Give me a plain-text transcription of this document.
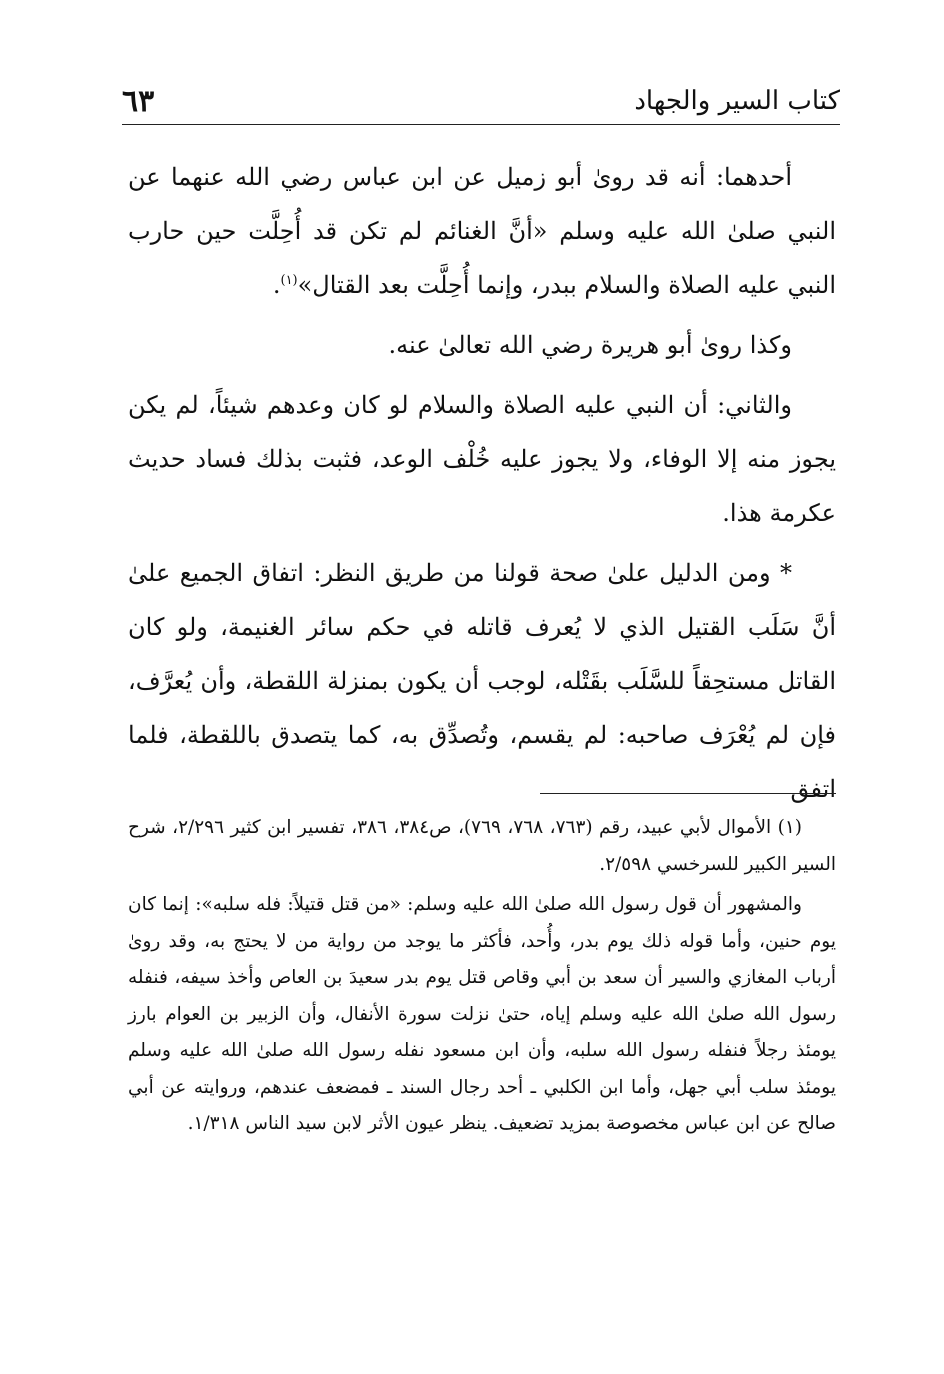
كتاب السير والجهاد
٦٣

أحدهما: أنه قد روىٰ أبو زميل عن ابن عباس رضي الله عنهما عن النبي صلىٰ الله عليه وسلم «أنَّ الغنائم لم تكن قد أُحِلَّت حين حارب النبي عليه الصلاة والسلام ببدر، وإنما أُحِلَّت بعد القتال»$^{(١)}$.

وكذا روىٰ أبو هريرة رضي الله تعالىٰ عنه.

والثاني: أن النبي عليه الصلاة والسلام لو كان وعدهم شيئاً، لم يكن يجوز منه إلا الوفاء، ولا يجوز عليه خُلْف الوعد، فثبت بذلك فساد حديث عكرمة هذا.

* ومن الدليل علىٰ صحة قولنا من طريق النظر: اتفاق الجميع علىٰ أنَّ سَلَب القتيل الذي لا يُعرف قاتله في حكم سائر الغنيمة، ولو كان القاتل مستحِقاً للسَّلَب بقَتْله، لوجب أن يكون بمنزلة اللقطة، وأن يُعرَّف، فإن لم يُعْرَف صاحبه: لم يقسم، وتُصدِّق به، كما يتصدق باللقطة، فلما اتفق

(١) الأموال لأبي عبيد، رقم (٧٦٣، ٧٦٨، ٧٦٩)، ص٣٨٤، ٣٨٦، تفسير ابن كثير ٢/٢٩٦، شرح السير الكبير للسرخسي ٢/٥٩٨.

والمشهور أن قول رسول الله صلىٰ الله عليه وسلم: «من قتل قتيلاً: فله سلبه»: إنما كان يوم حنين، وأما قوله ذلك يوم بدر، وأُحد، فأكثر ما يوجد من رواية من لا يحتج به، وقد روىٰ أرباب المغازي والسير أن سعد بن أبي وقاص قتل يوم بدر سعيدَ بن العاص وأخذ سيفه، فنفله رسول الله صلىٰ الله عليه وسلم إياه، حتىٰ نزلت سورة الأنفال، وأن الزبير بن العوام بارز يومئذ رجلاً فنفله رسول الله سلبه، وأن ابن مسعود نفله رسول الله صلىٰ الله عليه وسلم يومئذ سلب أبي جهل، وأما ابن الكلبي ـ أحد رجال السند ـ فمضعف عندهم، وروايته عن أبي صالح عن ابن عباس مخصوصة بمزيد تضعيف. ينظر عيون الأثر لابن سيد الناس ١/٣١٨.
